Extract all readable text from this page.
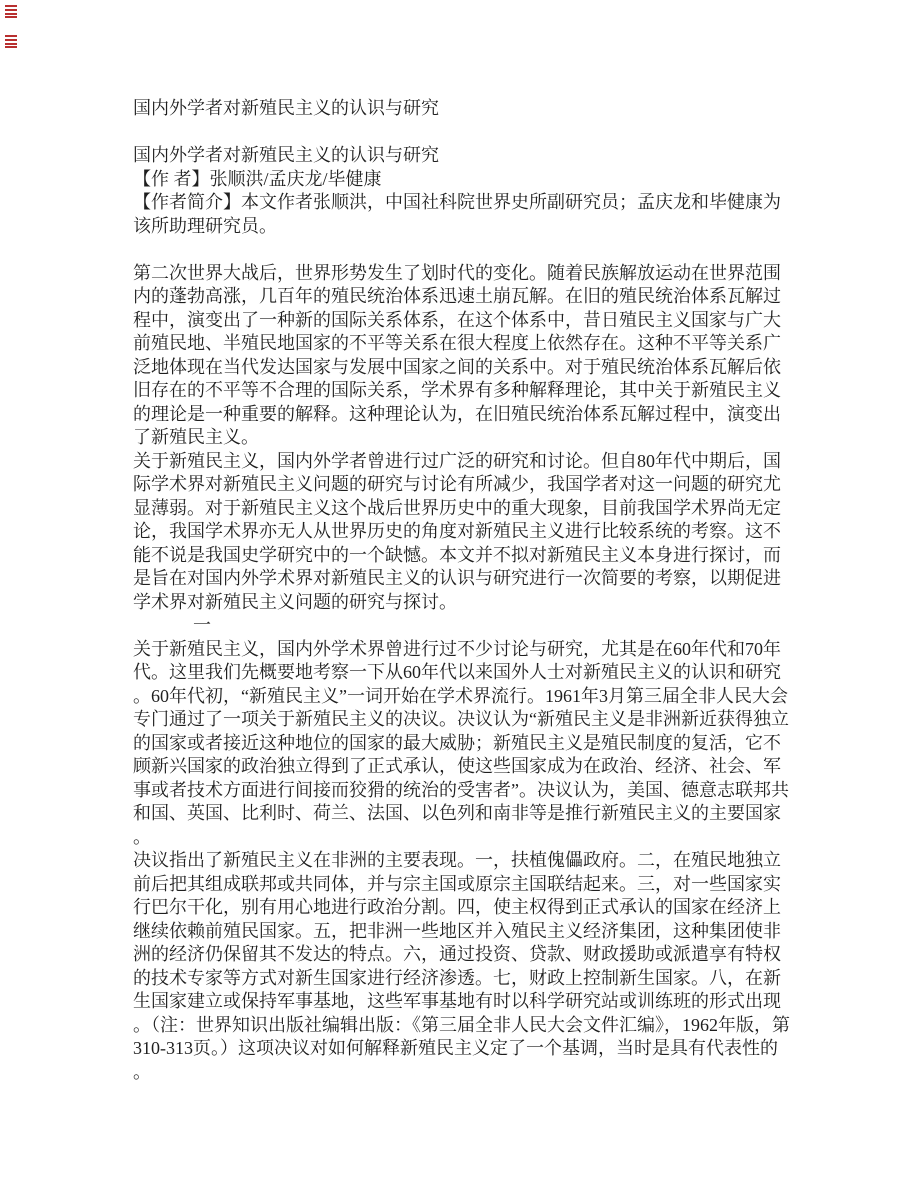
国内外学者对新殖民主义的认识与研究

国内外学者对新殖民主义的认识与研究

【作 者】张顺洪/孟庆龙/毕健康

【作者简介】本文作者张顺洪，中国社科院世界史所副研究员；孟庆龙和毕健康为该所助理研究员。

第二次世界大战后，世界形势发生了划时代的变化。随着民族解放运动在世界范围内的蓬勃高涨，几百年的殖民统治体系迅速土崩瓦解。在旧的殖民统治体系瓦解过程中，演变出了一种新的国际关系体系，在这个体系中，昔日殖民主义国家与广大前殖民地、半殖民地国家的不平等关系在很大程度上依然存在。这种不平等关系广泛地体现在当代发达国家与发展中国家之间的关系中。对于殖民统治体系瓦解后依旧存在的不平等不合理的国际关系，学术界有多种解释理论，其中关于新殖民主义的理论是一种重要的解释。这种理论认为，在旧殖民统治体系瓦解过程中，演变出了新殖民主义。

关于新殖民主义，国内外学者曾进行过广泛的研究和讨论。但自80年代中期后，国际学术界对新殖民主义问题的研究与讨论有所减少，我国学者对这一问题的研究尤显薄弱。对于新殖民主义这个战后世界历史中的重大现象，目前我国学术界尚无定论，我国学术界亦无人从世界历史的角度对新殖民主义进行比较系统的考察。这不能不说是我国史学研究中的一个缺憾。本文并不拟对新殖民主义本身进行探讨，而是旨在对国内外学术界对新殖民主义的认识与研究进行一次简要的考察，以期促进学术界对新殖民主义问题的研究与探讨。

一

关于新殖民主义，国内外学术界曾进行过不少讨论与研究，尤其是在60年代和70年代。这里我们先概要地考察一下从60年代以来国外人士对新殖民主义的认识和研究。60年代初，“新殖民主义”一词开始在学术界流行。1961年3月第三届全非人民大会专门通过了一项关于新殖民主义的决议。决议认为“新殖民主义是非洲新近获得独立的国家或者接近这种地位的国家的最大威胁；新殖民主义是殖民制度的复活，它不顾新兴国家的政治独立得到了正式承认，使这些国家成为在政治、经济、社会、军事或者技术方面进行间接而狡猾的统治的受害者”。决议认为，美国、德意志联邦共和国、英国、比利时、荷兰、法国、以色列和南非等是推行新殖民主义的主要国家。

决议指出了新殖民主义在非洲的主要表现。一，扶植傀儡政府。二，在殖民地独立前后把其组成联邦或共同体，并与宗主国或原宗主国联结起来。三，对一些国家实行巴尔干化，别有用心地进行政治分割。四，使主权得到正式承认的国家在经济上继续依赖前殖民国家。五，把非洲一些地区并入殖民主义经济集团，这种集团使非洲的经济仍保留其不发达的特点。六，通过投资、贷款、财政援助或派遣享有特权的技术专家等方式对新生国家进行经济渗透。七，财政上控制新生国家。八，在新生国家建立或保持军事基地，这些军事基地有时以科学研究站或训练班的形式出现。（注：世界知识出版社编辑出版：《第三届全非人民大会文件汇编》，1962年版，第310-313页。）这项决议对如何解释新殖民主义定了一个基调，当时是具有代表性的。
